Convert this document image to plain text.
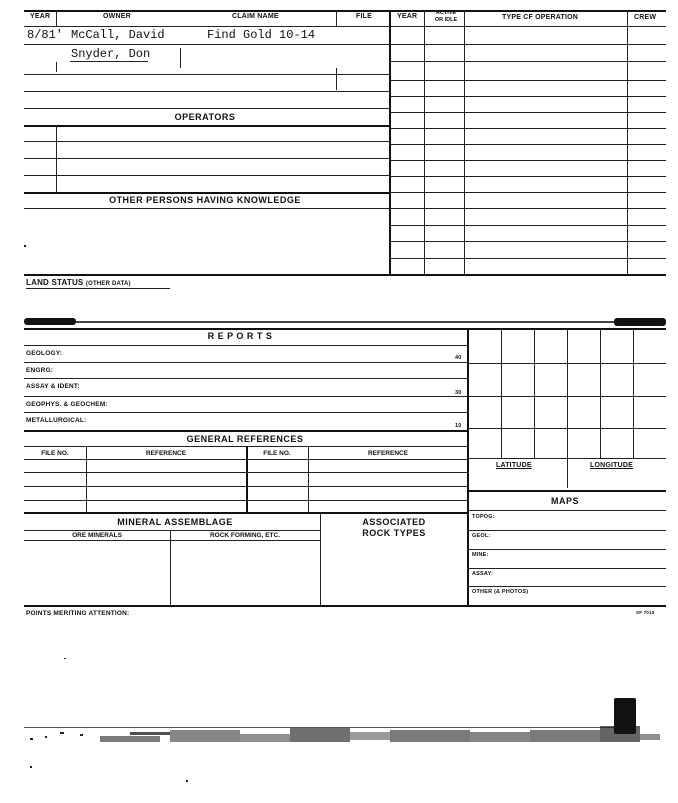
YEAR	OWNER	CLAIM NAME	FILE	YEAR	ACTIVE
OR IDLE	TYPE CF OPERATION	CREW
8/81' McCall, David	Find Gold 10-14
Snyder, Don
OPERATORS
OTHER PERSONS HAVING KNOWLEDGE
LAND STATUS (OTHER DATA)
R E P O R T S
GEOLOGY:
40
ENGRG:
ASSAY & IDENT:
30
GEOPHYS. & GEOCHEM:
METALLURGICAL:
10
GENERAL REFERENCES
FILE NO.	REFERENCE	FILE NO.	REFERENCE
MINERAL ASSEMBLAGE	ASSOCIATED
ROCK TYPES
ORE MINERALS	ROCK FORMING, ETC.
LATITUDE	LONGITUDE
MAPS
TOPOG:
GEOL:
MINE:
ASSAY:
OTHER (& PHOTOS)
POINTS MERITING ATTENTION:	SF 7010
